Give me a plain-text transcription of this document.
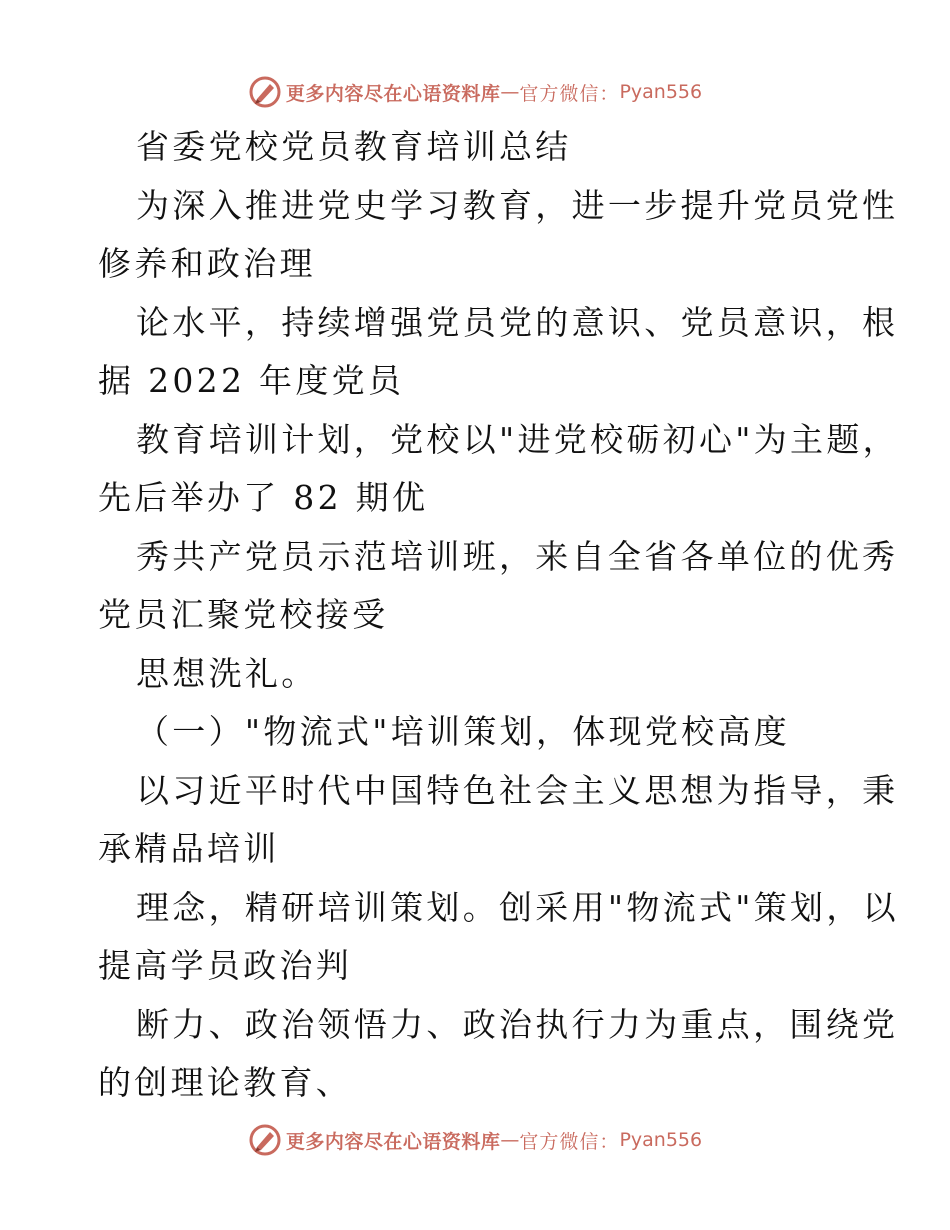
更多内容尽在心语资料库 — 官方微信： Pyan556
省委党校党员教育培训总结
为深入推进党史学习教育，进一步提升党员党性
修养和政治理
论水平，持续增强党员党的意识、党员意识，根
据 2022 年度党员
教育培训计划，党校以"进党校砺初心"为主题，
先后举办了 82 期优
秀共产党员示范培训班，来自全省各单位的优秀
党员汇聚党校接受
思想洗礼。
（一）"物流式"培训策划，体现党校高度
以习近平时代中国特色社会主义思想为指导，秉
承精品培训
理念，精研培训策划。创采用"物流式"策划，以
提高学员政治判
断力、政治领悟力、政治执行力为重点，围绕党
的创理论教育、
更多内容尽在心语资料库 — 官方微信： Pyan556
